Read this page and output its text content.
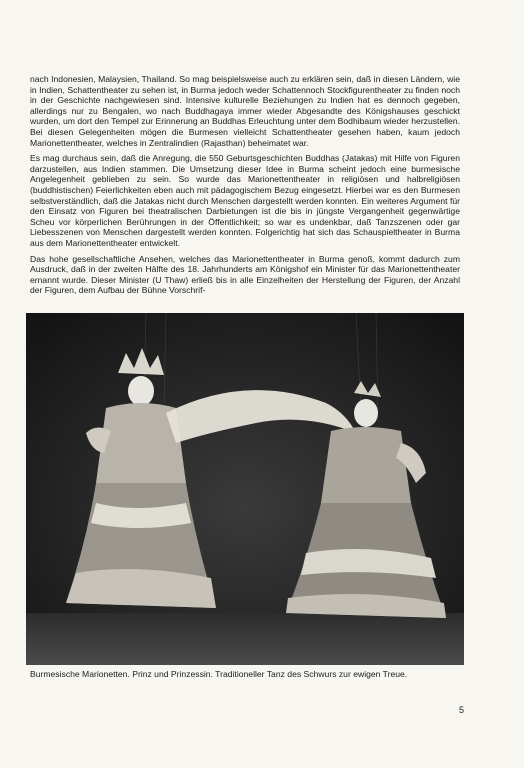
nach Indonesien, Malaysien, Thailand. So mag beispielsweise auch zu erklären sein, daß in diesen Ländern, wie in Indien, Schattentheater zu sehen ist, in Burma jedoch weder Schattennoch Stockfigurentheater zu finden noch in der Geschichte nachgewiesen sind. Intensive kulturelle Beziehungen zu Indien hat es dennoch gegeben, allerdings nur zu Bengalen, wo nach Buddhagaya immer wieder Abgesandte des Königshauses geschickt wurden, um dort den Tempel zur Erinnerung an Buddhas Erleuchtung unter dem Bodhibaum wieder herzustellen. Bei diesen Gelegenheiten mögen die Burmesen vielleicht Schattentheater gesehen haben, kaum jedoch Marionettentheater, welches in Zentralindien (Rajasthan) beheimatet war.

Es mag durchaus sein, daß die Anregung, die 550 Geburtsgeschichten Buddhas (Jatakas) mit Hilfe von Figuren darzustellen, aus Indien stammen. Die Umsetzung dieser Idee in Burma scheint jedoch eine burmesische Angelegenheit geblieben zu sein. So wurde das Marionettentheater in religiösen und halbreligiösen (buddhistischen) Feierlichkeiten eben auch mit pädagogischem Bezug eingesetzt. Hierbei war es den Burmesen selbstverständlich, daß die Jatakas nicht durch Menschen dargestellt werden konnten. Ein weiteres Argument für den Einsatz von Figuren bei theatralischen Darbietungen ist die bis in jüngste Vergangenheit gegenwärtige Scheu vor körperlichen Berührungen in der Öffentlichkeit; so war es undenkbar, daß Tanzszenen oder gar Liebesszenen von Menschen dargestellt werden konnten. Folgerichtig hat sich das Schauspieltheater in Burma aus dem Marionettentheater entwickelt.

Das hohe gesellschaftliche Ansehen, welches das Marionettentheater in Burma genoß, kommt dadurch zum Ausdruck, daß in der zweiten Hälfte des 18. Jahrhunderts am Königshof ein Minister für das Marionettentheater ernannt wurde. Dieser Minister (U Thaw) erließ bis in alle Einzelheiten der Herstellung der Figuren, der Anzahl der Figuren, dem Aufbau der Bühne Vorschrif-

Burmesische Marionetten. Prinz und Prinzessin. Traditioneller Tanz des Schwurs zur ewigen Treue.
5
